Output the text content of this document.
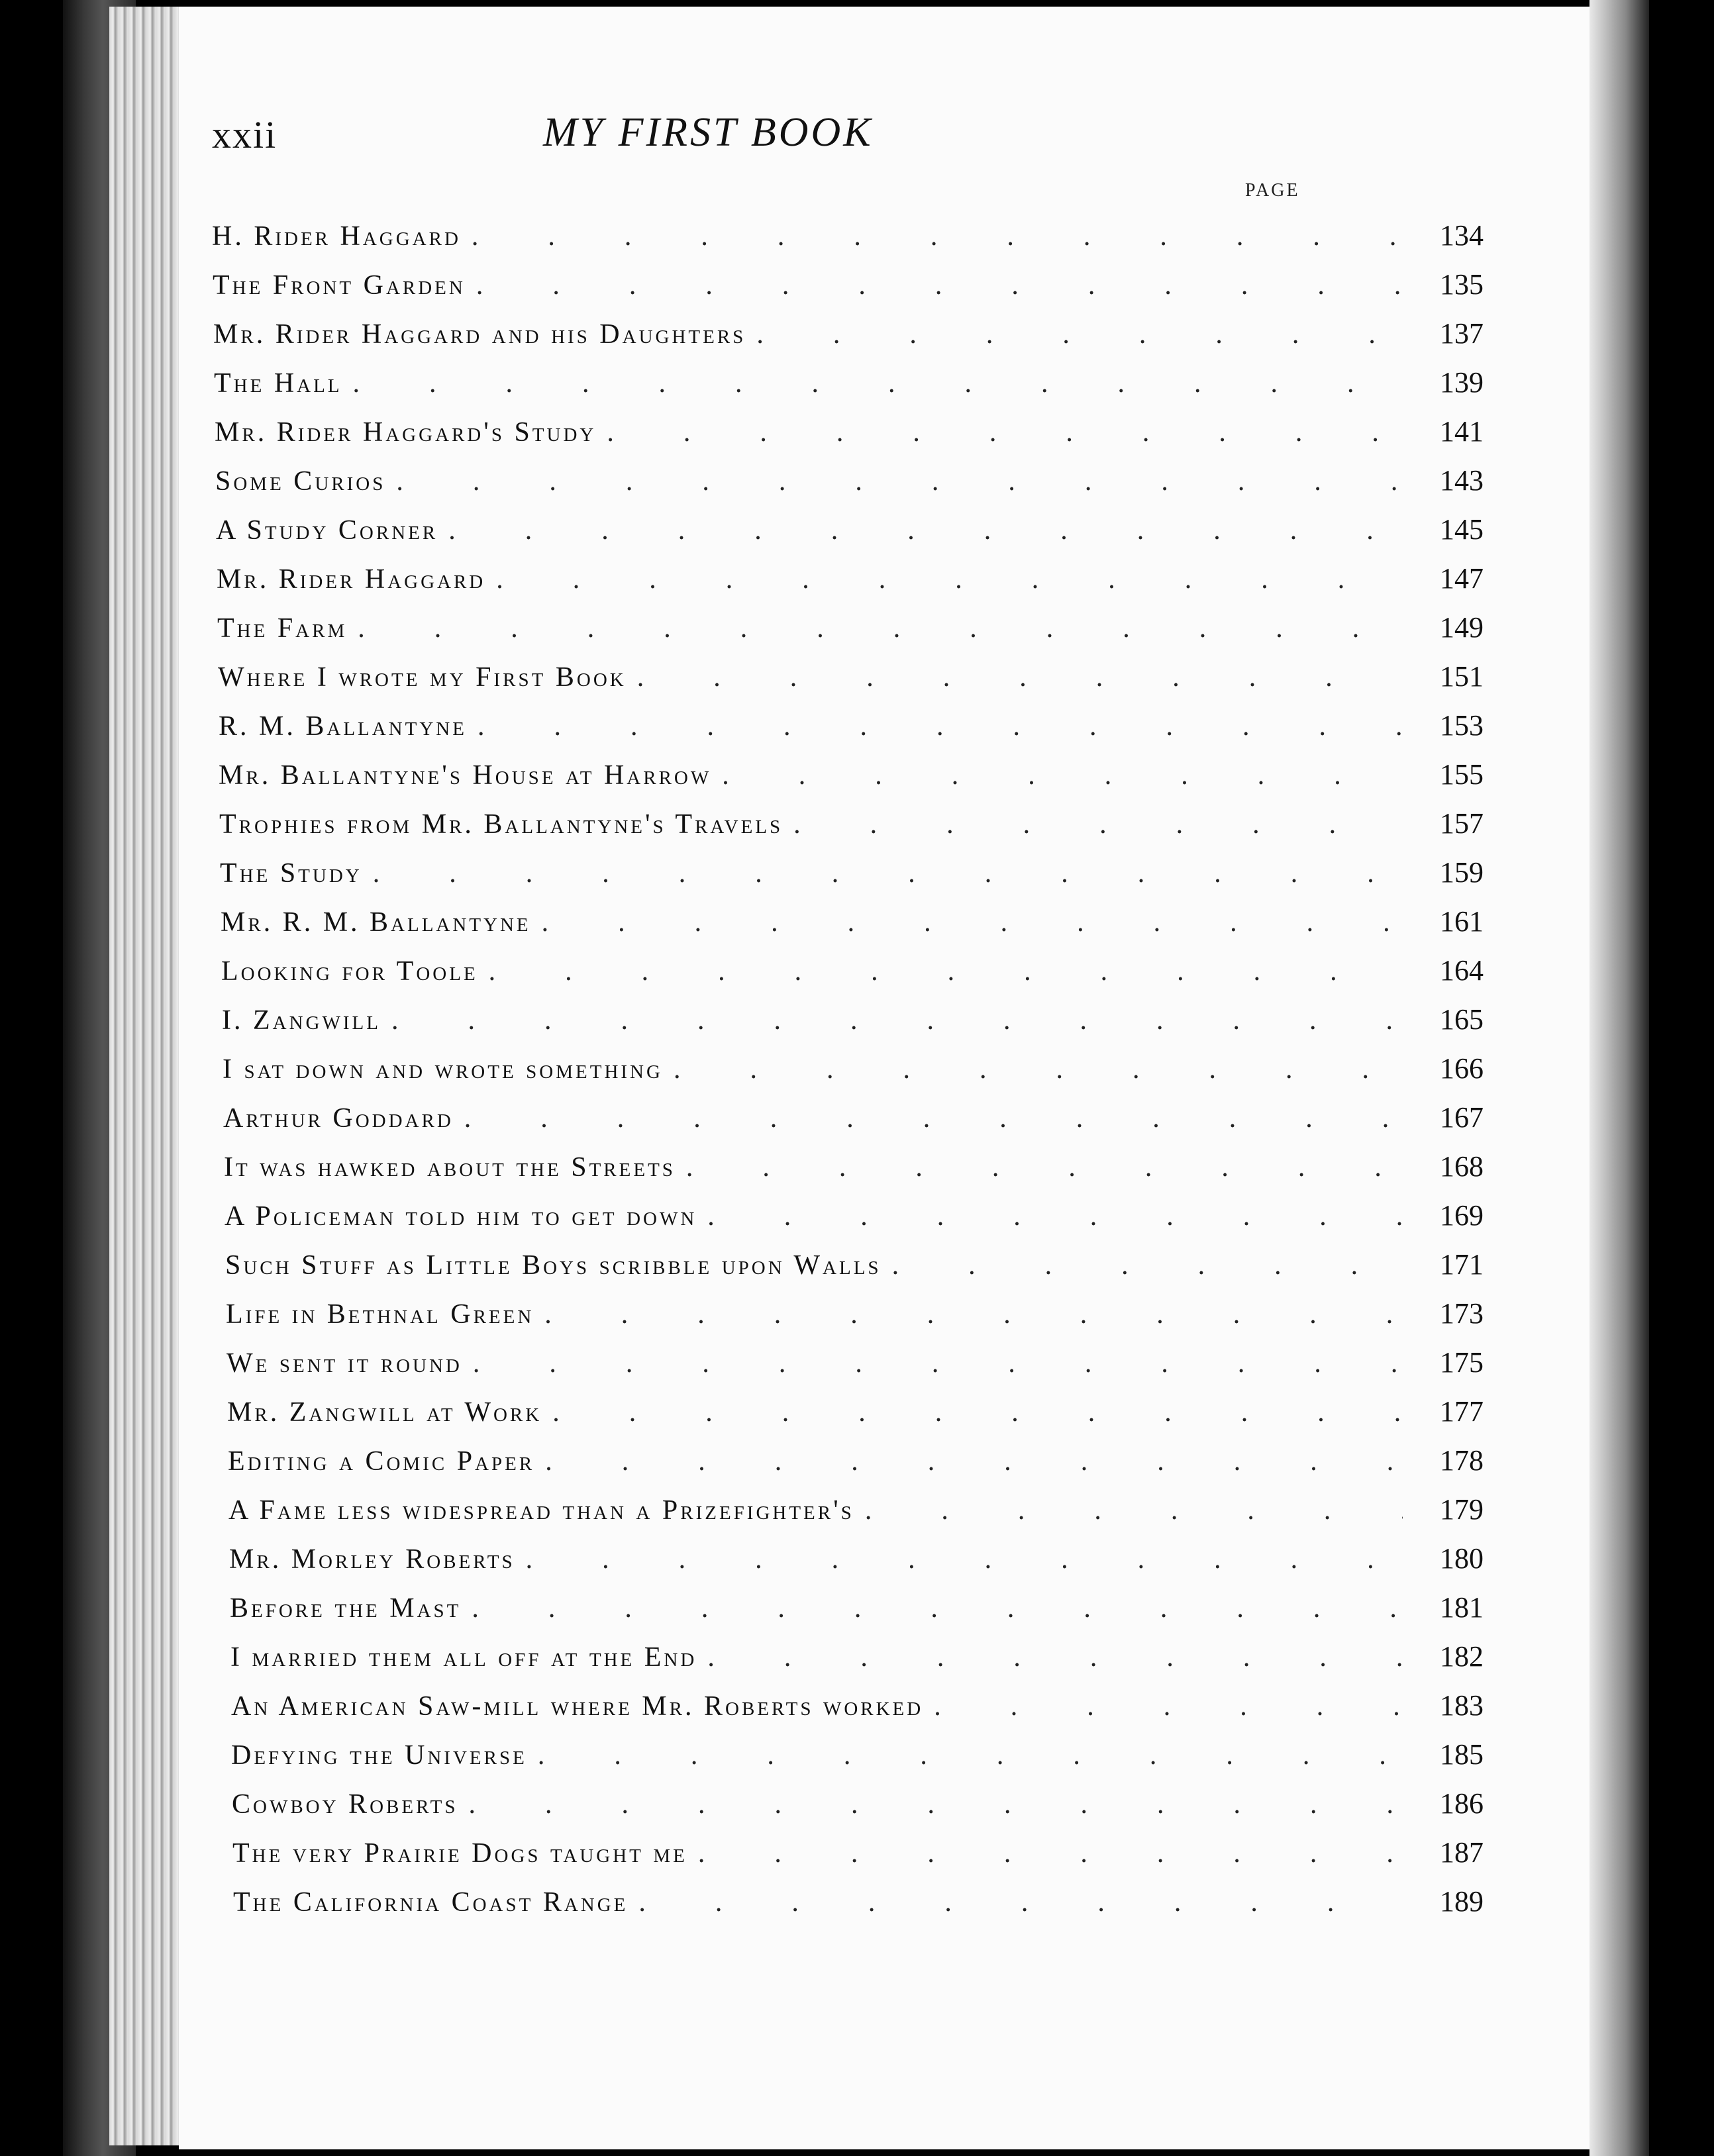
xxii	MY FIRST BOOK
PAGE
H. Rider Haggard .	134
The Front Garden .	135
Mr. Rider Haggard and his Daughters .	137
The Hall .	139
Mr. Rider Haggard's Study .	141
Some Curios .	143
A Study Corner .	145
Mr. Rider Haggard .	147
The Farm .	149
Where I wrote my First Book .	151
R. M. Ballantyne .	153
Mr. Ballantyne's House at Harrow .	155
Trophies from Mr. Ballantyne's Travels .	157
The Study .	159
Mr. R. M. Ballantyne .	161
Looking for Toole .	164
I. Zangwill .	165
I sat down and wrote something .	166
Arthur Goddard .	167
It was hawked about the Streets .	168
A Policeman told him to get down .	169
Such Stuff as Little Boys scribble upon Walls .	171
Life in Bethnal Green .	173
We sent it round .	175
Mr. Zangwill at Work .	177
Editing a Comic Paper .	178
A Fame less widespread than a Prizefighter's .	179
Mr. Morley Roberts .	180
Before the Mast .	181
I married them all off at the End .	182
An American Saw-mill where Mr. Roberts worked .	183
Defying the Universe .	185
Cowboy Roberts .	186
The very Prairie Dogs taught me .	187
The California Coast Range .	189
